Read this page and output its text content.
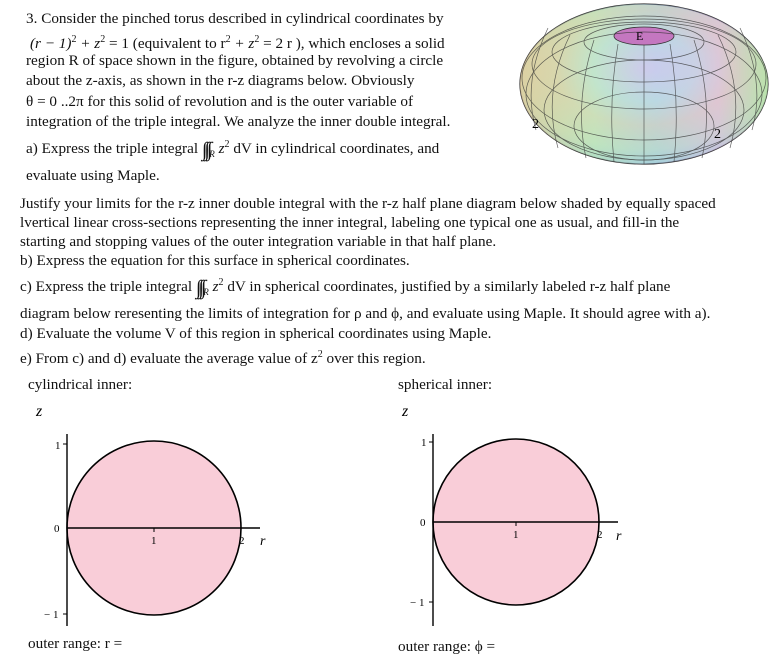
3. Consider the pinched torus described in cylindrical coordinates by
$(r - 1)^2 + z^2 = 1$ (equivalent to $r^2 + z^2 = 2$ r ), which encloses a solid
region R of space shown in the figure, obtained by revolving a circle
about the z-axis, as shown in the r-z diagrams below. Obviously
θ = 0 ..2π for this solid of revolution and is the outer variable of
integration of the triple integral. We analyze the inner double integral.
a) Express the triple integral $\int\int\int_R$ $z^2$ dV in cylindrical coordinates, and
evaluate using Maple.
Justify your limits for the r-z inner double integral with the r-z half plane diagram below shaded by equally spaced
lvertical linear cross-sections representing the inner integral, labeling one typical one as usual, and fill-in the
starting and stopping values of the outer integration variable in that half plane.
b) Express the equation for this surface in spherical coordinates.
c) Express the triple integral $\int\int\int_R$ $z^2$ dV in spherical coordinates, justified by a similarly labeled r-z half plane
diagram below reresenting the limits of integration for ρ and ϕ, and evaluate using Maple. It should agree with a).
d) Evaluate the volume V of this region in spherical coordinates using Maple.
e) From c) and d) evaluate the average value of $z^2$ over this region.
2
2
E
cylindrical inner:
z
1
0
− 1
1	2 r
outer range: r =
spherical inner:
z
1
0
− 1
1	2 r
outer range: ϕ =
